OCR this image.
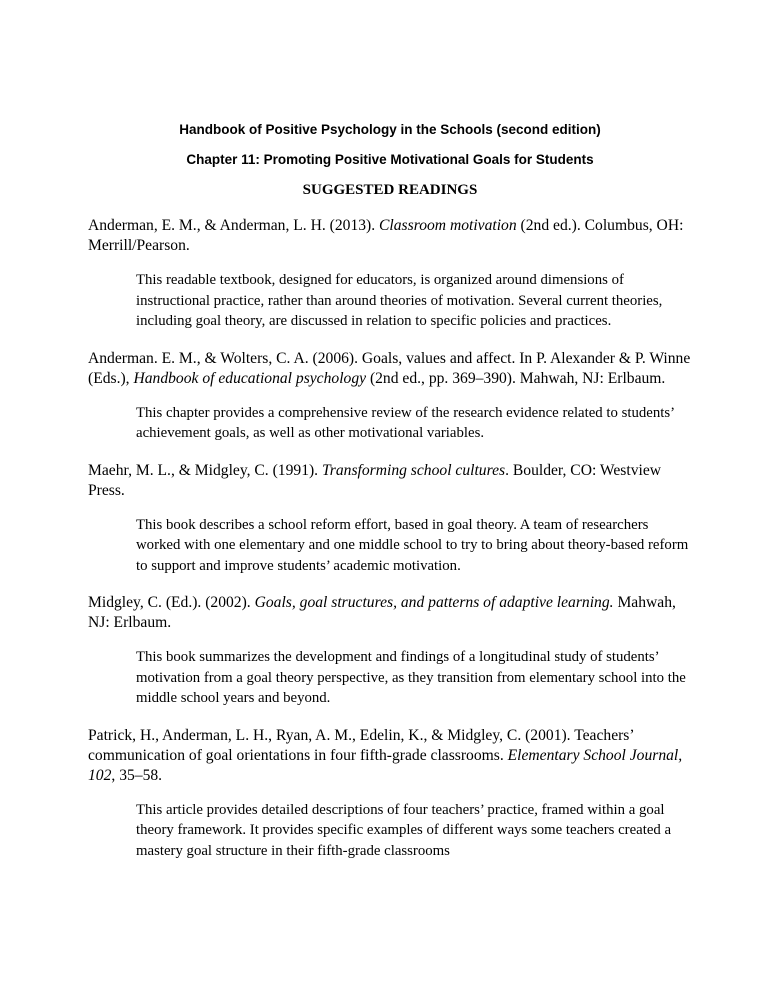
Handbook of Positive Psychology in the Schools (second edition)

Chapter 11: Promoting Positive Motivational Goals for Students

SUGGESTED READINGS

Anderman, E. M., & Anderman, L. H. (2013). Classroom motivation (2nd ed.). Columbus, OH: Merrill/Pearson.

This readable textbook, designed for educators, is organized around dimensions of instructional practice, rather than around theories of motivation. Several current theories, including goal theory, are discussed in relation to specific policies and practices.

Anderman. E. M., & Wolters, C. A. (2006). Goals, values and affect. In P. Alexander & P. Winne (Eds.), Handbook of educational psychology (2nd ed., pp. 369–390). Mahwah, NJ: Erlbaum.

This chapter provides a comprehensive review of the research evidence related to students’ achievement goals, as well as other motivational variables.

Maehr, M. L., & Midgley, C. (1991). Transforming school cultures. Boulder, CO: Westview Press.

This book describes a school reform effort, based in goal theory. A team of researchers worked with one elementary and one middle school to try to bring about theory-based reform to support and improve students’ academic motivation.

Midgley, C. (Ed.). (2002). Goals, goal structures, and patterns of adaptive learning. Mahwah, NJ: Erlbaum.

This book summarizes the development and findings of a longitudinal study of students’ motivation from a goal theory perspective, as they transition from elementary school into the middle school years and beyond.

Patrick, H., Anderman, L. H., Ryan, A. M., Edelin, K., & Midgley, C. (2001). Teachers’ communication of goal orientations in four fifth-grade classrooms. Elementary School Journal, 102, 35–58.

This article provides detailed descriptions of four teachers’ practice, framed within a goal theory framework. It provides specific examples of different ways some teachers created a mastery goal structure in their fifth-grade classrooms
